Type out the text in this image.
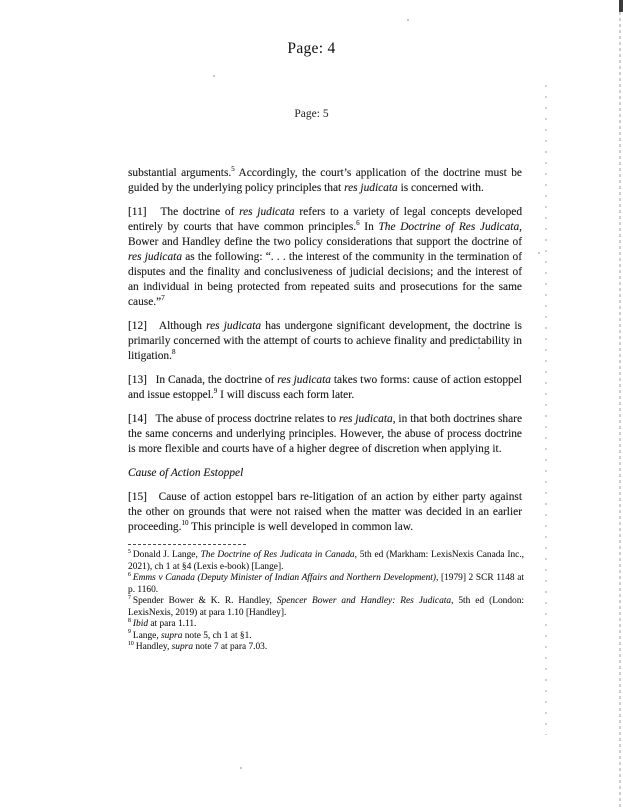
Page: 4
Page: 5

substantial arguments.$^5$ Accordingly, the court’s application of the doctrine must be guided by the underlying policy principles that res judicata is concerned with.

[11]   The doctrine of res judicata refers to a variety of legal concepts developed entirely by courts that have common principles.$^6$ In The Doctrine of Res Judicata, Bower and Handley define the two policy considerations that support the doctrine of res judicata as the following: “. . . the interest of the community in the termination of disputes and the finality and conclusiveness of judicial decisions; and the interest of an individual in being protected from repeated suits and prosecutions for the same cause.”$^7$

[12]   Although res judicata has undergone significant development, the doctrine is primarily concerned with the attempt of courts to achieve finality and predictability in litigation.$^8$

[13]   In Canada, the doctrine of res judicata takes two forms: cause of action estoppel and issue estoppel.$^9$ I will discuss each form later.

[14]   The abuse of process doctrine relates to res judicata, in that both doctrines share the same concerns and underlying principles. However, the abuse of process doctrine is more flexible and courts have of a higher degree of discretion when applying it.

Cause of Action Estoppel

[15]   Cause of action estoppel bars re-litigation of an action by either party against the other on grounds that were not raised when the matter was decided in an earlier proceeding.$^{10}$ This principle is well developed in common law.

$^5$ Donald J. Lange, The Doctrine of Res Judicata in Canada, 5th ed (Markham: LexisNexis Canada Inc., 2021), ch 1 at §4 (Lexis e-book) [Lange].
$^6$ Emms v Canada (Deputy Minister of Indian Affairs and Northern Development), [1979] 2 SCR 1148 at p. 1160.
$^7$ Spender Bower & K. R. Handley, Spencer Bower and Handley: Res Judicata, 5th ed (London: LexisNexis, 2019) at para 1.10 [Handley].
$^8$ Ibid at para 1.11.
$^9$ Lange, supra note 5, ch 1 at §1.
$^{10}$ Handley, supra note 7 at para 7.03.
